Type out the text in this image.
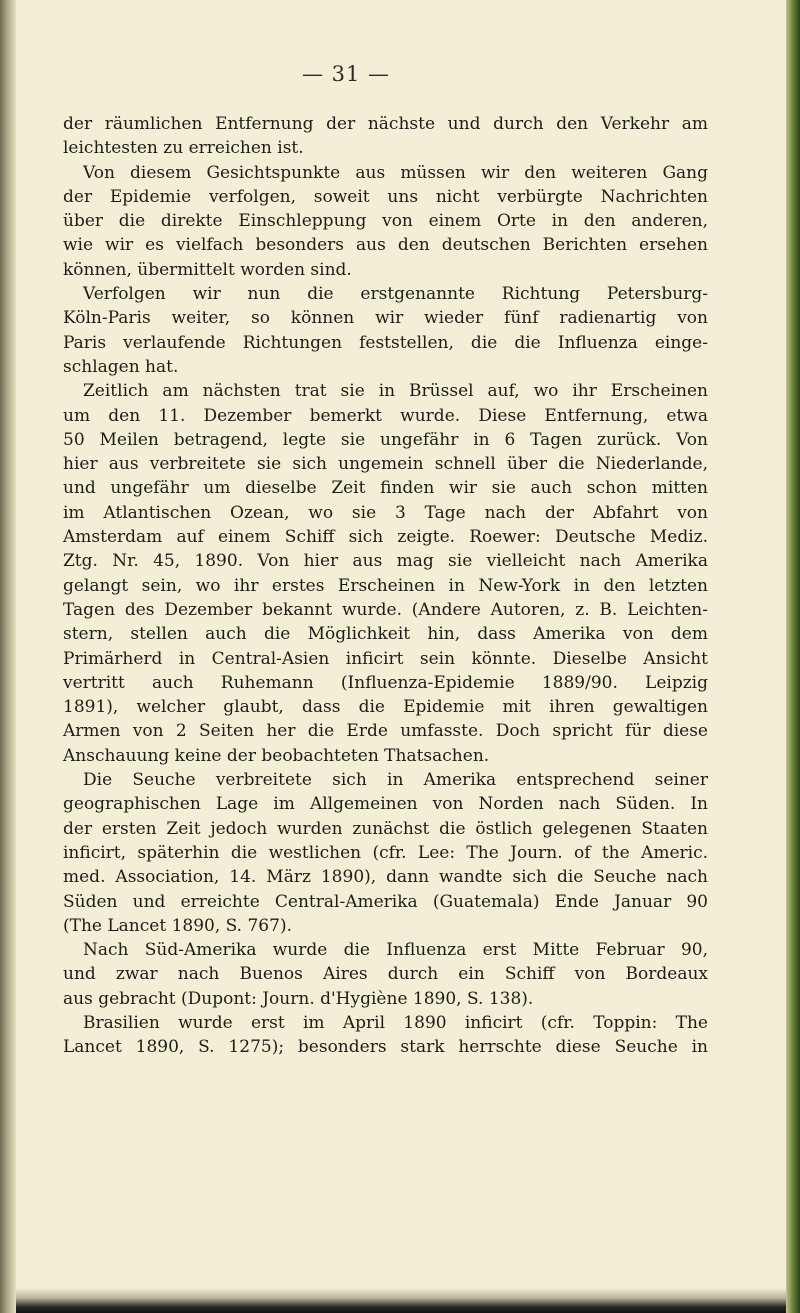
— 31 —
der räumlichen Entfernung der nächste und durch den Verkehr am
leichtesten zu erreichen ist.
Von diesem Gesichtspunkte aus müssen wir den weiteren Gang
der Epidemie verfolgen, soweit uns nicht verbürgte Nachrichten
über die direkte Einschleppung von einem Orte in den anderen,
wie wir es vielfach besonders aus den deutschen Berichten ersehen
können, übermittelt worden sind.
Verfolgen wir nun die erstgenannte Richtung Petersburg-
Köln-Paris weiter, so können wir wieder fünf radienartig von
Paris verlaufende Richtungen feststellen, die die Influenza einge-
schlagen hat.
Zeitlich am nächsten trat sie in Brüssel auf, wo ihr Erscheinen
um den 11. Dezember bemerkt wurde. Diese Entfernung, etwa
50 Meilen betragend, legte sie ungefähr in 6 Tagen zurück. Von
hier aus verbreitete sie sich ungemein schnell über die Niederlande,
und ungefähr um dieselbe Zeit finden wir sie auch schon mitten
im Atlantischen Ozean, wo sie 3 Tage nach der Abfahrt von
Amsterdam auf einem Schiff sich zeigte. Roewer: Deutsche Mediz.
Ztg. Nr. 45, 1890. Von hier aus mag sie vielleicht nach Amerika
gelangt sein, wo ihr erstes Erscheinen in New-York in den letzten
Tagen des Dezember bekannt wurde. (Andere Autoren, z. B. Leichten-
stern, stellen auch die Möglichkeit hin, dass Amerika von dem
Primärherd in Central-Asien inficirt sein könnte. Dieselbe Ansicht
vertritt auch Ruhemann (Influenza-Epidemie 1889/90. Leipzig
1891), welcher glaubt, dass die Epidemie mit ihren gewaltigen
Armen von 2 Seiten her die Erde umfasste. Doch spricht für diese
Anschauung keine der beobachteten Thatsachen.
Die Seuche verbreitete sich in Amerika entsprechend seiner
geographischen Lage im Allgemeinen von Norden nach Süden. In
der ersten Zeit jedoch wurden zunächst die östlich gelegenen Staaten
inficirt, späterhin die westlichen (cfr. Lee: The Journ. of the Americ.
med. Association, 14. März 1890), dann wandte sich die Seuche nach
Süden und erreichte Central-Amerika (Guatemala) Ende Januar 90
(The Lancet 1890, S. 767).
Nach Süd-Amerika wurde die Influenza erst Mitte Februar 90,
und zwar nach Buenos Aires durch ein Schiff von Bordeaux
aus gebracht (Dupont: Journ. d'Hygiène 1890, S. 138).
Brasilien wurde erst im April 1890 inficirt (cfr. Toppin: The
Lancet 1890, S. 1275); besonders stark herrschte diese Seuche in
